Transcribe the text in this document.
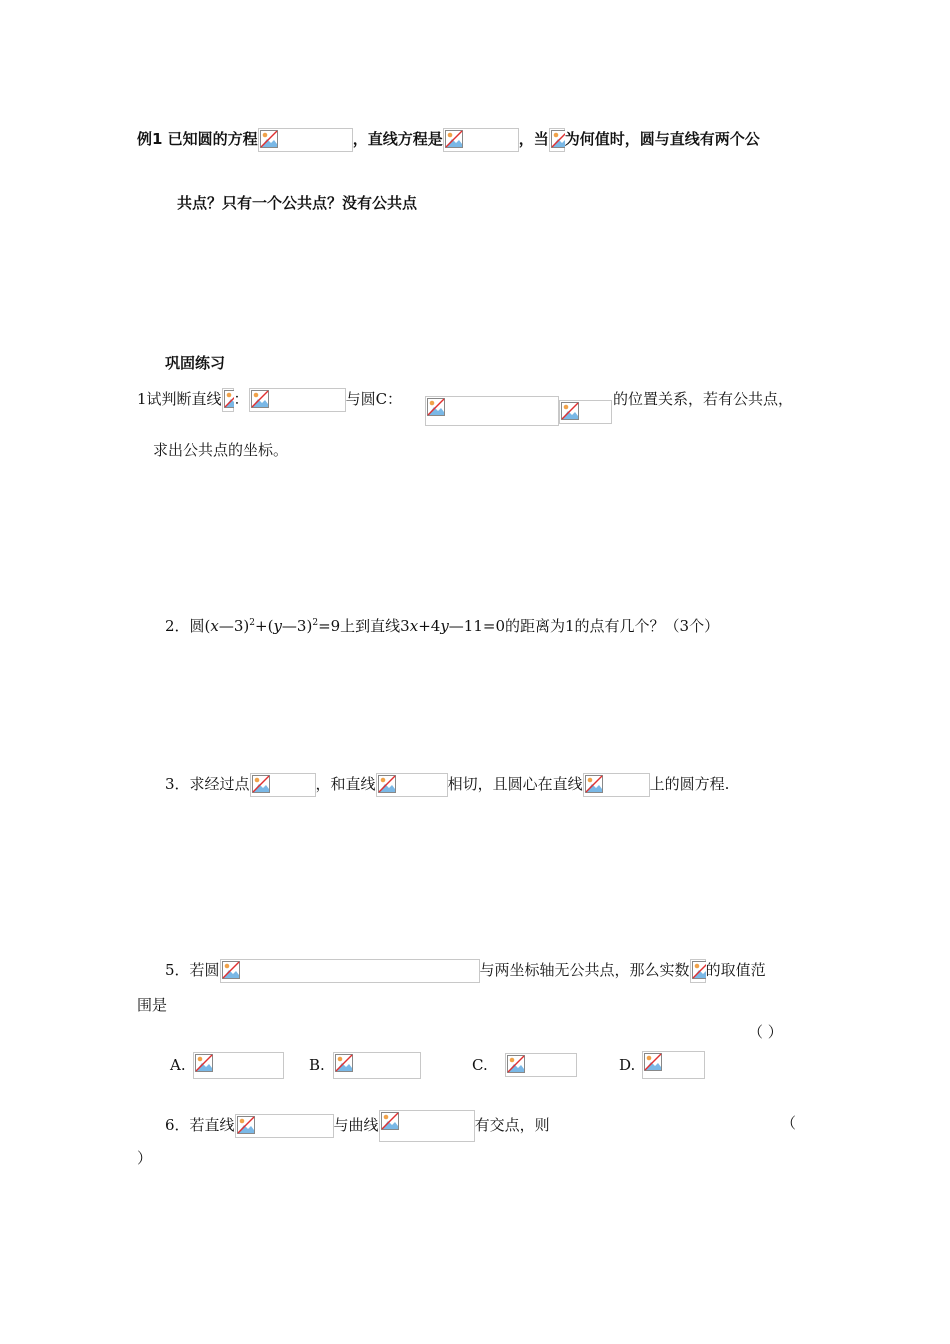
例1 已知圆的方程	，直线方程是	，当 为何值时，圆与直线有两个公
共点？只有一个公共点？没有公共点
巩固练习
1试判断直线 ：	与圆C：	的位置关系，若有公共点，
求出公共点的坐标。
2．圆(x—3)$^2$+(y—3)$^2$=9上到直线3x+4y—11=0的距离为1的点有几个？（3个）
3．求经过点	，和直线	相切，且圆心在直线	上的圆方程.
5．若圆	与两坐标轴无公共点，那么实数 的取值范
围是
（ ）
A.	B.	C.	D.
6．若直线	与曲线	有交点，则	（
）
